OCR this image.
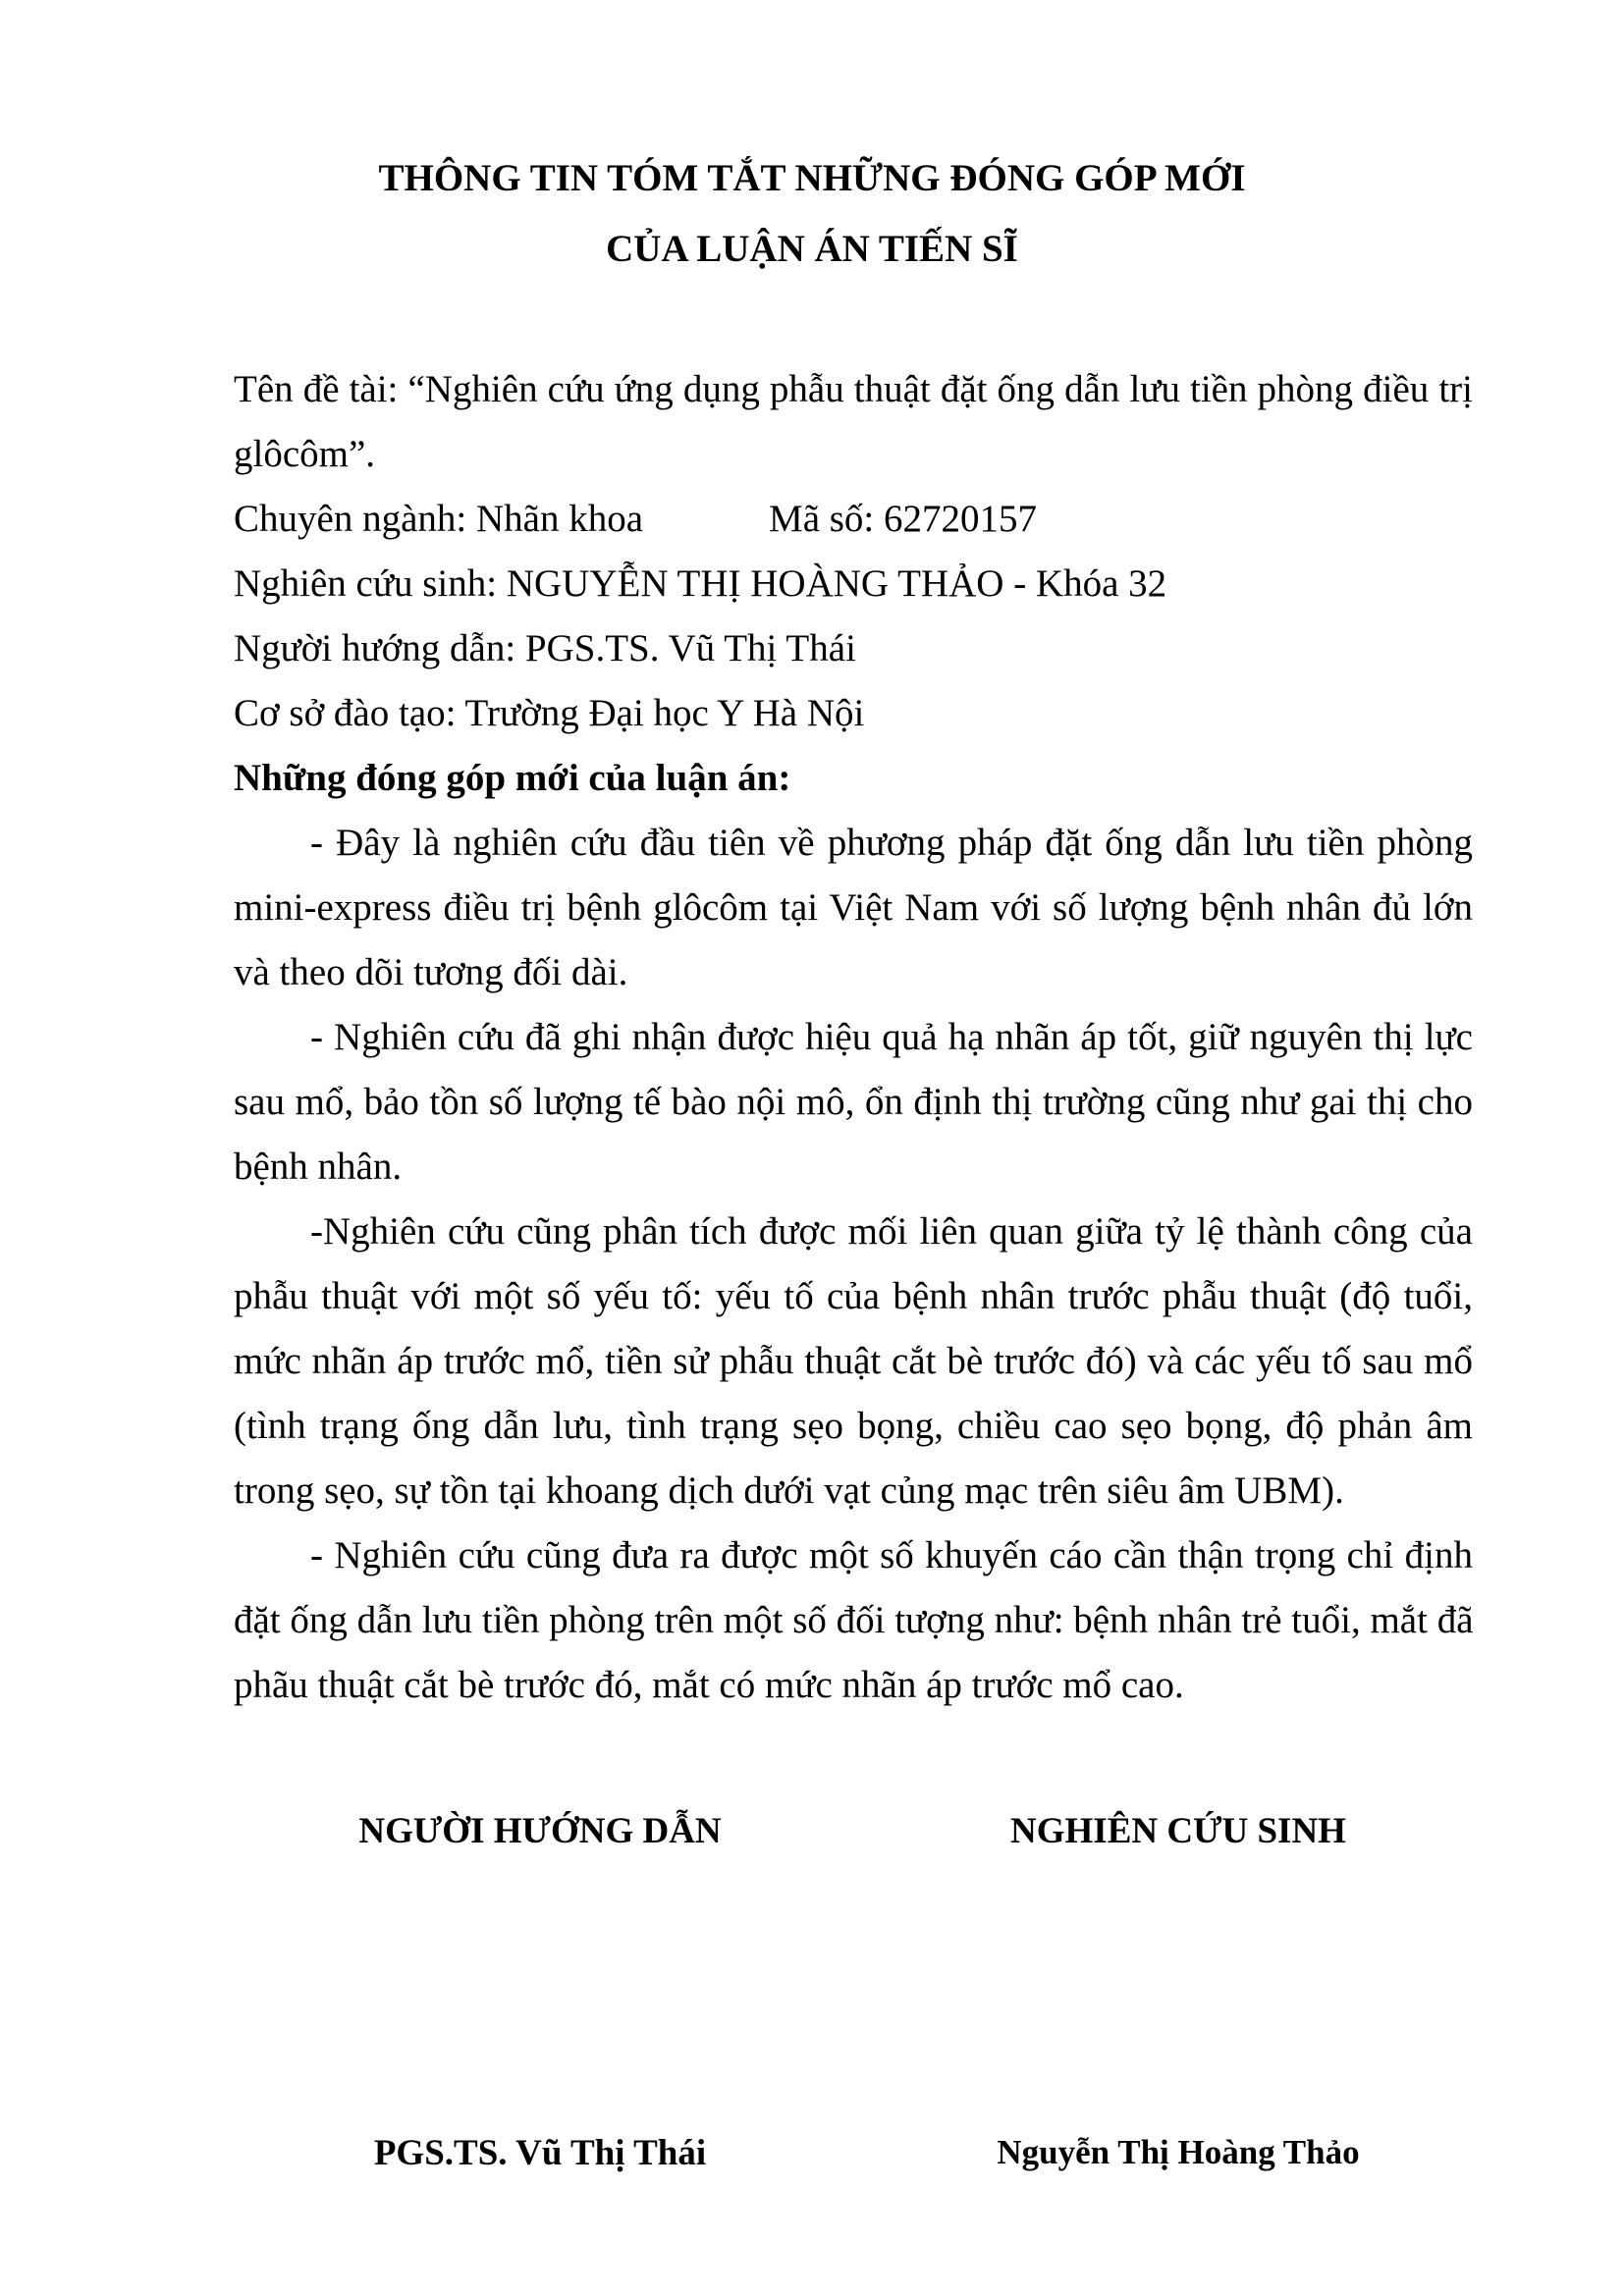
THÔNG TIN TÓM TẮT NHỮNG ĐÓNG GÓP MỚI
CỦA LUẬN ÁN TIẾN SĨ
Tên đề tài: “Nghiên cứu ứng dụng phẫu thuật đặt ống dẫn lưu tiền phòng điều trị
glôcôm”.
Chuyên ngành: Nhãn khoa	Mã số: 62720157
Nghiên cứu sinh: NGUYỄN THỊ HOÀNG THẢO - Khóa 32
Người hướng dẫn: PGS.TS. Vũ Thị Thái
Cơ sở đào tạo: Trường Đại học Y Hà Nội
Những đóng góp mới của luận án:
- Đây là nghiên cứu đầu tiên về phương pháp đặt ống dẫn lưu tiền phòng
mini-express điều trị bệnh glôcôm tại Việt Nam với số lượng bệnh nhân đủ lớn
và theo dõi tương đối dài.
- Nghiên cứu đã ghi nhận được hiệu quả hạ nhãn áp tốt, giữ nguyên thị lực
sau mổ, bảo tồn số lượng tế bào nội mô, ổn định thị trường cũng như gai thị cho
bệnh nhân.
-Nghiên cứu cũng phân tích được mối liên quan giữa tỷ lệ thành công của
phẫu thuật với một số yếu tố: yếu tố của bệnh nhân trước phẫu thuật (độ tuổi,
mức nhãn áp trước mổ, tiền sử phẫu thuật cắt bè trước đó) và các yếu tố sau mổ
(tình trạng ống dẫn lưu, tình trạng sẹo bọng, chiều cao sẹo bọng, độ phản âm
trong sẹo, sự tồn tại khoang dịch dưới vạt củng mạc trên siêu âm UBM).
- Nghiên cứu cũng đưa ra được một số khuyến cáo cần thận trọng chỉ định
đặt ống dẫn lưu tiền phòng trên một số đối tượng như: bệnh nhân trẻ tuổi, mắt đã
phãu thuật cắt bè trước đó, mắt có mức nhãn áp trước mổ cao.
NGƯỜI HƯỚNG DẪN	NGHIÊN CỨU SINH
PGS.TS. Vũ Thị Thái	Nguyễn Thị Hoàng Thảo
